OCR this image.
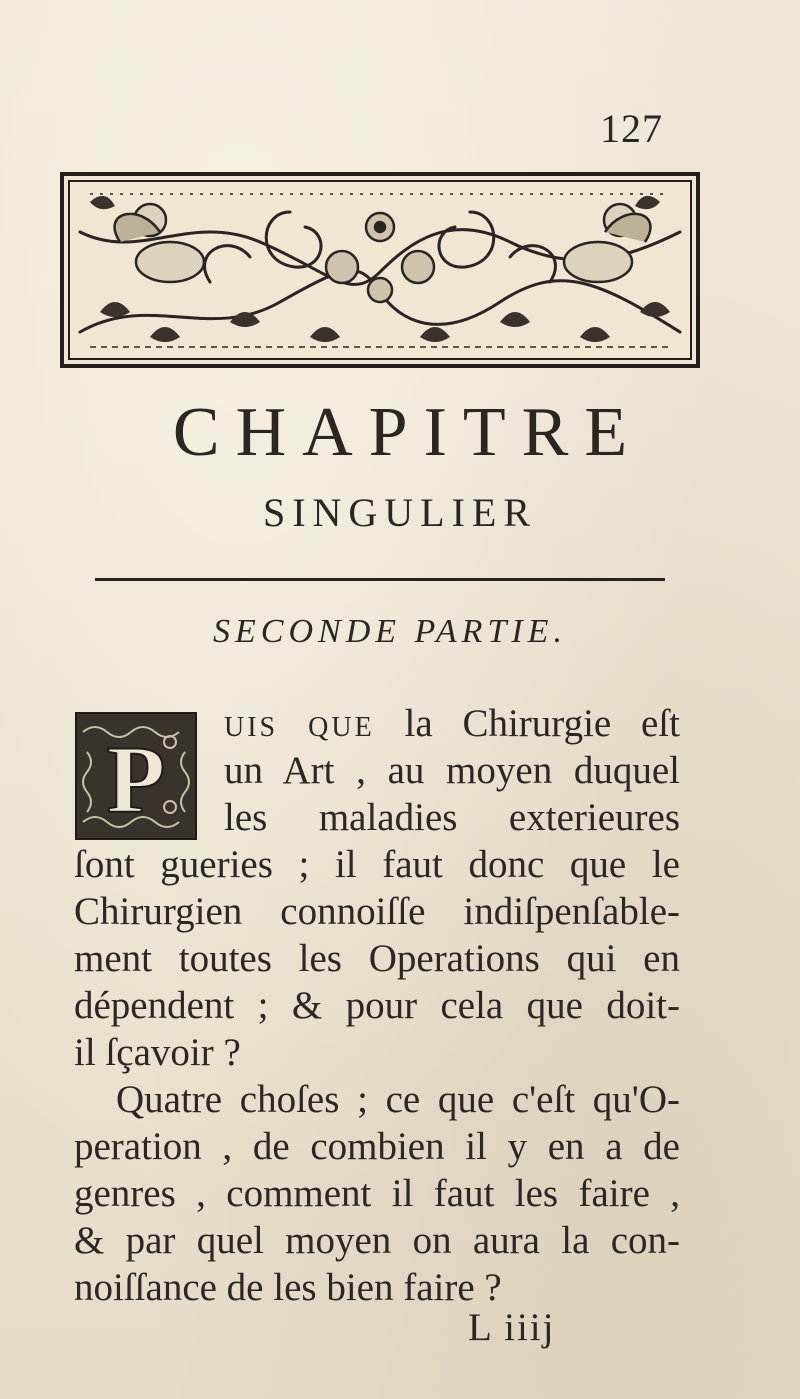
127
CHAPITRE
SINGULIER
SECONDE PARTIE.
P UIS QUE la Chirurgie eſt
un Art , au moyen duquel
les maladies exterieures
ſont gueries ; il faut donc que le
Chirurgien connoiſſe indiſpenſable-
ment toutes les Operations qui en
dépendent ; & pour cela que doit-
il ſçavoir ?
Quatre choſes ; ce que c'eſt qu'O-
peration , de combien il y en a de
genres , comment il faut les faire ,
& par quel moyen on aura la con-
noiſſance de les bien faire ?
L iiij
